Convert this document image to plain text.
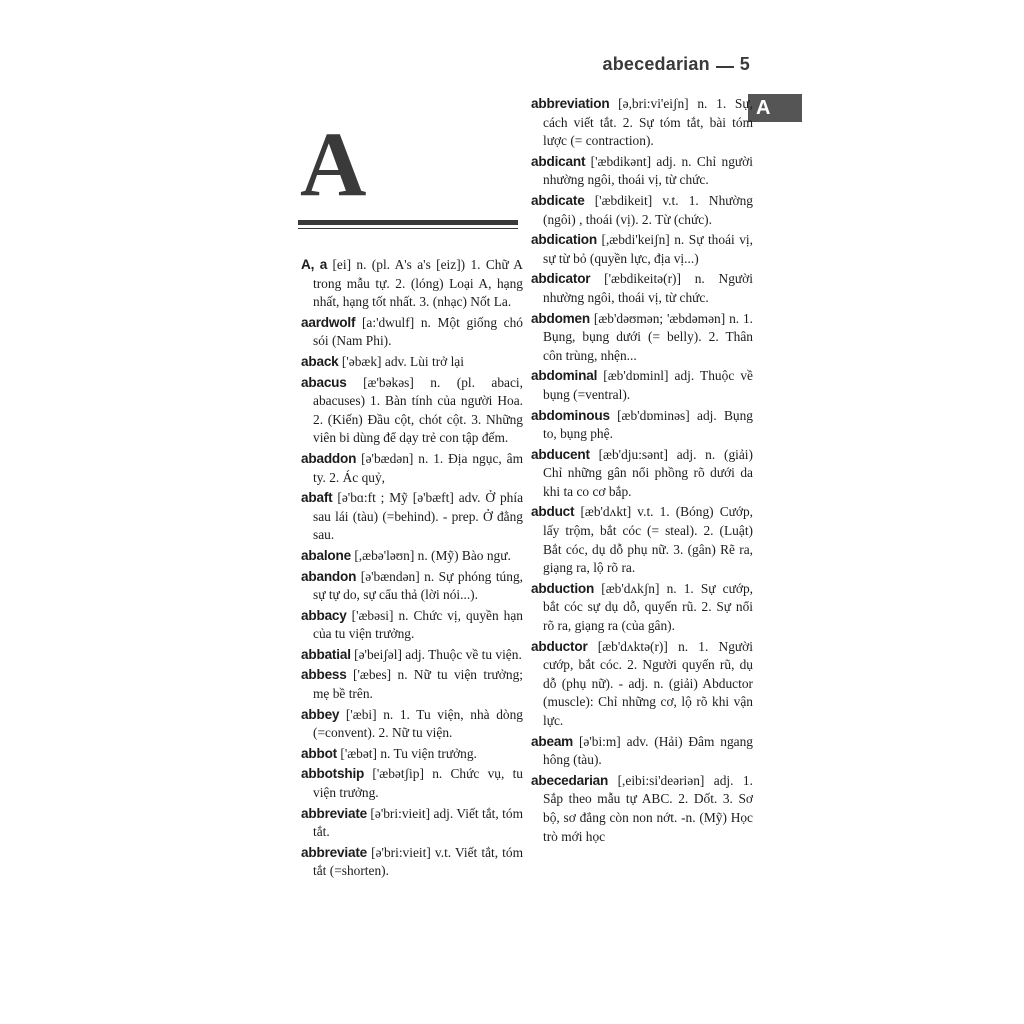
abecedarian 5
A
A

A, a [ei] n. (pl. A's a's [eiz]) 1. Chữ A trong mẫu tự. 2. (lóng) Loại A, hạng nhất, hạng tốt nhất. 3. (nhạc) Nốt La.

aardwolf [a:'dwulf] n. Một giống chó sói (Nam Phi).

aback ['əbæk] adv. Lùi trở lại

abacus [æ'bəkəs] n. (pl. abaci, abacuses) 1. Bàn tính của người Hoa. 2. (Kiến) Đầu cột, chót cột. 3. Những viên bi dùng để dạy trẻ con tập đếm.

abaddon [ə'bædən] n. 1. Địa ngục, âm ty. 2. Ác quỷ,

abaft [ə'bɑ:ft ; Mỹ [ə'bæft] adv. Ở phía sau lái (tàu) (=behind). - prep. Ở đằng sau.

abalone [,æbə'ləʊn] n. (Mỹ) Bào ngư.

abandon [ə'bændən] n. Sự phóng túng, sự tự do, sự cẩu thả (lời nói...).

abbacy ['æbəsi] n. Chức vị, quyền hạn của tu viện trưởng.

abbatial [ə'beiʃəl] adj. Thuộc về tu viện.

abbess ['æbes] n. Nữ tu viện trưởng; mẹ bề trên.

abbey ['æbi] n. 1. Tu viện, nhà dòng (=convent). 2. Nữ tu viện.

abbot ['æbət] n. Tu viện trưởng.

abbotship ['æbətʃip] n. Chức vụ, tu viện trưởng.

abbreviate [ə'bri:vieit] adj. Viết tắt, tóm tắt.

abbreviate [ə'bri:vieit] v.t. Viết tắt, tóm tắt (=shorten).

abbreviation [ə,bri:vi'eiʃn] n. 1. Sự, cách viết tắt. 2. Sự tóm tắt, bài tóm lược (= contraction).

abdicant ['æbdikənt] adj. n. Chỉ người nhường ngôi, thoái vị, từ chức.

abdicate ['æbdikeit] v.t. 1. Nhường (ngôi) , thoái (vị). 2. Từ (chức).

abdication [,æbdi'keiʃn] n. Sự thoái vị, sự từ bỏ (quyền lực, địa vị...)

abdicator ['æbdikeitə(r)] n. Người nhường ngôi, thoái vị, từ chức.

abdomen [æb'dəʊmən; 'æbdəmən] n. 1. Bụng, bụng dưới (= belly). 2. Thân côn trùng, nhện...

abdominal [æb'dɒminl] adj. Thuộc về bụng (=ventral).

abdominous [æb'dɒminəs] adj. Bụng to, bụng phệ.

abducent [æb'dju:sənt] adj. n. (giải) Chỉ những gân nổi phồng rõ dưới da khi ta co cơ bắp.

abduct [æb'dʌkt] v.t. 1. (Bóng) Cướp, lấy trộm, bắt cóc (= steal). 2. (Luật) Bắt cóc, dụ dỗ phụ nữ. 3. (gân) Rẽ ra, giạng ra, lộ rõ ra.

abduction [æb'dʌkʃn] n. 1. Sự cướp, bắt cóc sự dụ dỗ, quyến rũ. 2. Sự nổi rõ ra, giạng ra (của gân).

abductor [æb'dʌktə(r)] n. 1. Người cướp, bắt cóc. 2. Người quyến rũ, dụ dỗ (phụ nữ). - adj. n. (giải) Abductor (muscle): Chỉ những cơ, lộ rõ khi vận lực.

abeam [ə'bi:m] adv. (Hải) Đâm ngang hông (tàu).

abecedarian [,eibi:si'deəriən] adj. 1. Sắp theo mẫu tự ABC. 2. Dốt. 3. Sơ bộ, sơ đẳng còn non nớt. -n. (Mỹ) Học trò mới học
